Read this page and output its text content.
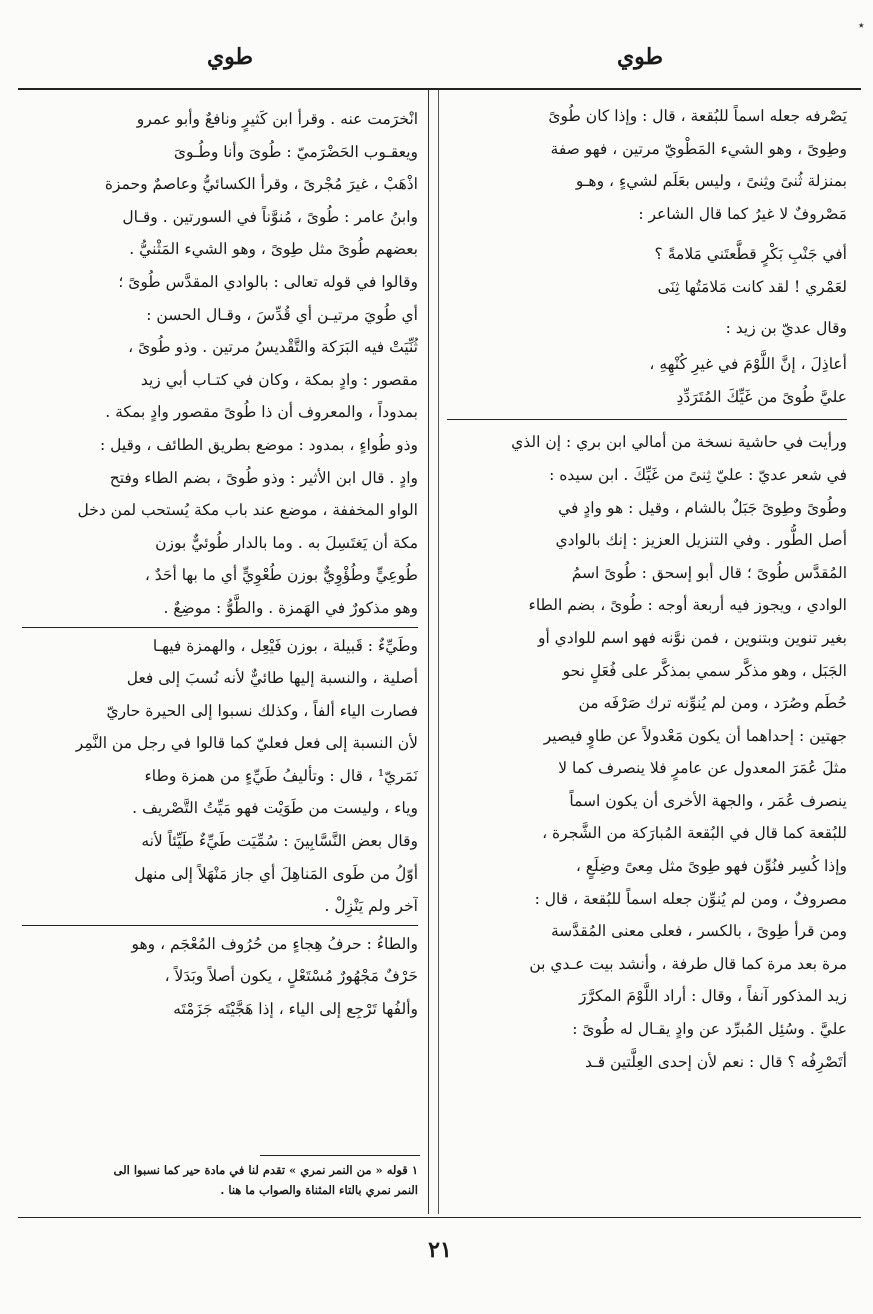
٭
طوي
طوي
يَصْرفه جعله اسماً للبُقعة ، قال : وإذا كان طُوىً
وطِوىً ، وهو الشيء المَطْويّ مرتين ، فهو صفة
بمنزلة ثُنىً وثِنىً ، وليس بعَلَم لشيءٍ ، وهـو
مَصْروفٌ لا غيرُ كما قال الشاعر :
أفي جَنْبِ بَكْرٍ قطَّعتَني مَلامةً ؟
لعَمْري ! لقد كانت مَلامَتُها ثِنَى
وقال عديّ بن زيد :
أعاذِلَ ، إنَّ اللَّوْمَ في غيرِ كُنْهِهِ ،
عليَّ طُوىً من غَيِّكَ المُتَرَدِّدِ
ورأيت في حاشية نسخة من أمالي ابن بري : إن الذي
في شعر عديّ : عليّ ثِنىً من غَيِّكَ . ابن سيده :
وطُوىً وطِوىً جَبَلٌ بالشام ، وقيل : هو وادٍ في
أصل الطُّور . وفي التنزيل العزيز : إنك بالوادي
المُقدَّس طُوىً ؛ قال أبو إسحق : طُوىً اسمُ
الوادي ، ويجوز فيه أربعة أوجه : طُوىً ، بضم الطاء
بغير تنوين وبتنوين ، فمن نوَّنه فهو اسم للوادي أو
الجَبَل ، وهو مذكَّر سمي بمذكَّر على فُعَلٍ نحو
حُطَم وصُرَد ، ومن لم يُنوِّنه ترك صَرْفَه من
جهتين : إحداهما أن يكون مَعْدولاً عن طاوٍ فيصير
مثلَ عُمَرَ المعدول عن عامرٍ فلا ينصرف كما لا
ينصرف عُمَر ، والجهة الأخرى أن يكون اسماً
للبُقعة كما قال في البُقعة المُبارَكة من الشَّجرة ،
وإذا كُسِر فنُوِّن فهو طِوىً مثل مِعىً وضِلَعٍ ،
مصروفٌ ، ومن لم يُنوِّن جعله اسماً للبُقعة ، قال :
ومن قرأ طِوىً ، بالكسر ، فعلى معنى المُقدَّسة
مرة بعد مرة كما قال طرفة ، وأنشد بيت عـدي بن
زيد المذكور آنفاً ، وقال : أراد اللَّوْمَ المكرَّرَ
عليَّ . وسُئِل المُبرِّد عن وادٍ يقـال له طُوىً :
أتَصْرِفُه ؟ قال : نعم لأن إحدى العِلَّتين قـد
انْخرَمت عنه . وقرأ ابن كَثيرٍ ونافعٌ وأبو عمرو
ويعقـوب الحَضْرَميّ : طُوىَ وأنا وطُـوىَ
اذْهَبْ ، غيرَ مُجْرىً ، وقرأ الكسائيُّ وعاصمٌ وحمزة
وابنُ عامر : طُوىً ، مُنوَّناً في السورتين . وقـال
بعضهم طُوىً مثل طِوىً ، وهو الشيء المَثْنيُّ .
وقالوا في قوله تعالى : بالوادي المقدَّس طُوىً ؛
أي طُويَ مرتيـن أي قُدِّسَ ، وقـال الحسن :
ثُنِّيَتْ فيه البَرَكة والتَّقْديسُ مرتين . وذو طُوىً ،
مقصور : وادٍ بمكة ، وكان في كتـاب أبي زيد
بمدوداً ، والمعروف أن ذا طُوىً مقصور وادٍ بمكة .
وذو طُواءٍ ، بمدود : موضع بطريق الطائف ، وقيل :
وادٍ . قال ابن الأثير : وذو طُوىً ، بضم الطاء وفتح
الواو المخففة ، موضع عند باب مكة يُستحب لمن دخل
مكة أن يَغتَسِلَ به . وما بالدار طُوئيٌّ بوزن
طُوعِيٍّ وطُؤْوِيٌّ بوزن طُعْوِيٍّ أي ما بها أحَدٌ ،
وهو مذكورٌ في الهَمزة . والطَّوُّ : موضِعٌ .
وطَيِّءٌ : قَبيلة ، بوزن فَيْعِل ، والهمزة فيهـا
أصلية ، والنسبة إليها طائيٌّ لأنه نُسبَ إلى فعل
فصارت الياء ألفاً ، وكذلك نسبوا إلى الحيرة حاريّ
لأن النسبة إلى فعل فعليّ كما قالوا في رجل من النَّمِر
نَمَريّ¹ ، قال : وتأليفُ طَيِّءٍ من همزة وطاء
وياء ، وليست من طَوَيْت فهو مَيِّتُ التَّصْريف .
وقال بعض النَّسَّابِينَ : سُمِّيَت طَيِّءٌ طَيِّئاً لأنه
أوّلُ من طَوى المَناهِلَ أي جاز مَنْهَلاً إلى منهل
آخر ولم يَنْزِلْ .
والطاءُ : حرفُ هِجاءٍ من حُرُوف المُعْجَم ، وهو
حَرْفٌ مَجْهُورٌ مُسْتَعْلٍ ، يكون أصلاً وبَدَلاً ،
وألفُها تَرْجِع إلى الياء ، إذا هَجَّيْتَه جَزَمْتَه
١ قوله « من النمر نمري » تقدم لنا في مادة حير كما نسبوا الى
النمر نمري بالتاء المثناة والصواب ما هنا .
٢١
